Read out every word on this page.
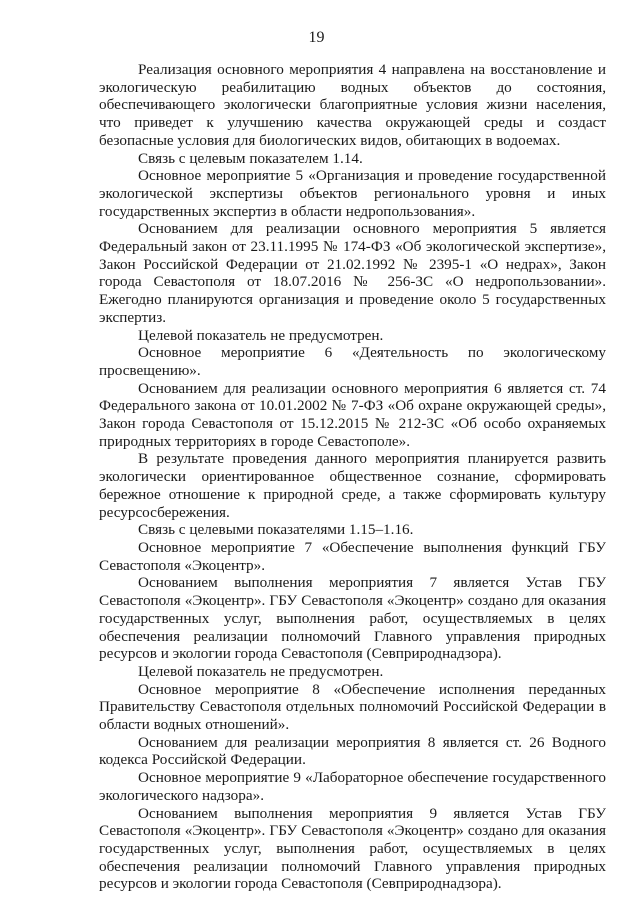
19

Реализация основного мероприятия 4 направлена на восстановление и экологическую реабилитацию водных объектов до состояния, обеспечивающего экологически благоприятные условия жизни населения, что приведет к улучшению качества окружающей среды и создаст безопасные условия для биологических видов, обитающих в водоемах.

Связь с целевым показателем 1.14.

Основное мероприятие 5 «Организация и проведение государственной экологической экспертизы объектов регионального уровня и иных государственных экспертиз в области недропользования».

Основанием для реализации основного мероприятия 5 является Федеральный закон от 23.11.1995 № 174-ФЗ «Об экологической экспертизе», Закон Российской Федерации от 21.02.1992 № 2395-1 «О недрах», Закон города Севастополя от 18.07.2016 № 256-ЗС «О недропользовании». Ежегодно планируются организация и проведение около 5 государственных экспертиз.

Целевой показатель не предусмотрен.

Основное мероприятие 6 «Деятельность по экологическому просвещению».

Основанием для реализации основного мероприятия 6 является ст. 74 Федерального закона от 10.01.2002 № 7-ФЗ «Об охране окружающей среды», Закон города Севастополя от 15.12.2015 № 212-ЗС «Об особо охраняемых природных территориях в городе Севастополе».

В результате проведения данного мероприятия планируется развить экологически ориентированное общественное сознание, сформировать бережное отношение к природной среде, а также сформировать культуру ресурсосбережения.

Связь с целевыми показателями 1.15–1.16.

Основное мероприятие 7 «Обеспечение выполнения функций ГБУ Севастополя «Экоцентр».

Основанием выполнения мероприятия 7 является Устав ГБУ Севастополя «Экоцентр». ГБУ Севастополя «Экоцентр» создано для оказания государственных услуг, выполнения работ, осуществляемых в целях обеспечения реализации полномочий Главного управления природных ресурсов и экологии города Севастополя (Севприроднадзора).

Целевой показатель не предусмотрен.

Основное мероприятие 8 «Обеспечение исполнения переданных Правительству Севастополя отдельных полномочий Российской Федерации в области водных отношений».

Основанием для реализации мероприятия 8 является ст. 26 Водного кодекса Российской Федерации.

Основное мероприятие 9 «Лабораторное обеспечение государственного экологического надзора».

Основанием выполнения мероприятия 9 является Устав ГБУ Севастополя «Экоцентр». ГБУ Севастополя «Экоцентр» создано для оказания государственных услуг, выполнения работ, осуществляемых в целях обеспечения реализации полномочий Главного управления природных ресурсов и экологии города Севастополя (Севприроднадзора).
